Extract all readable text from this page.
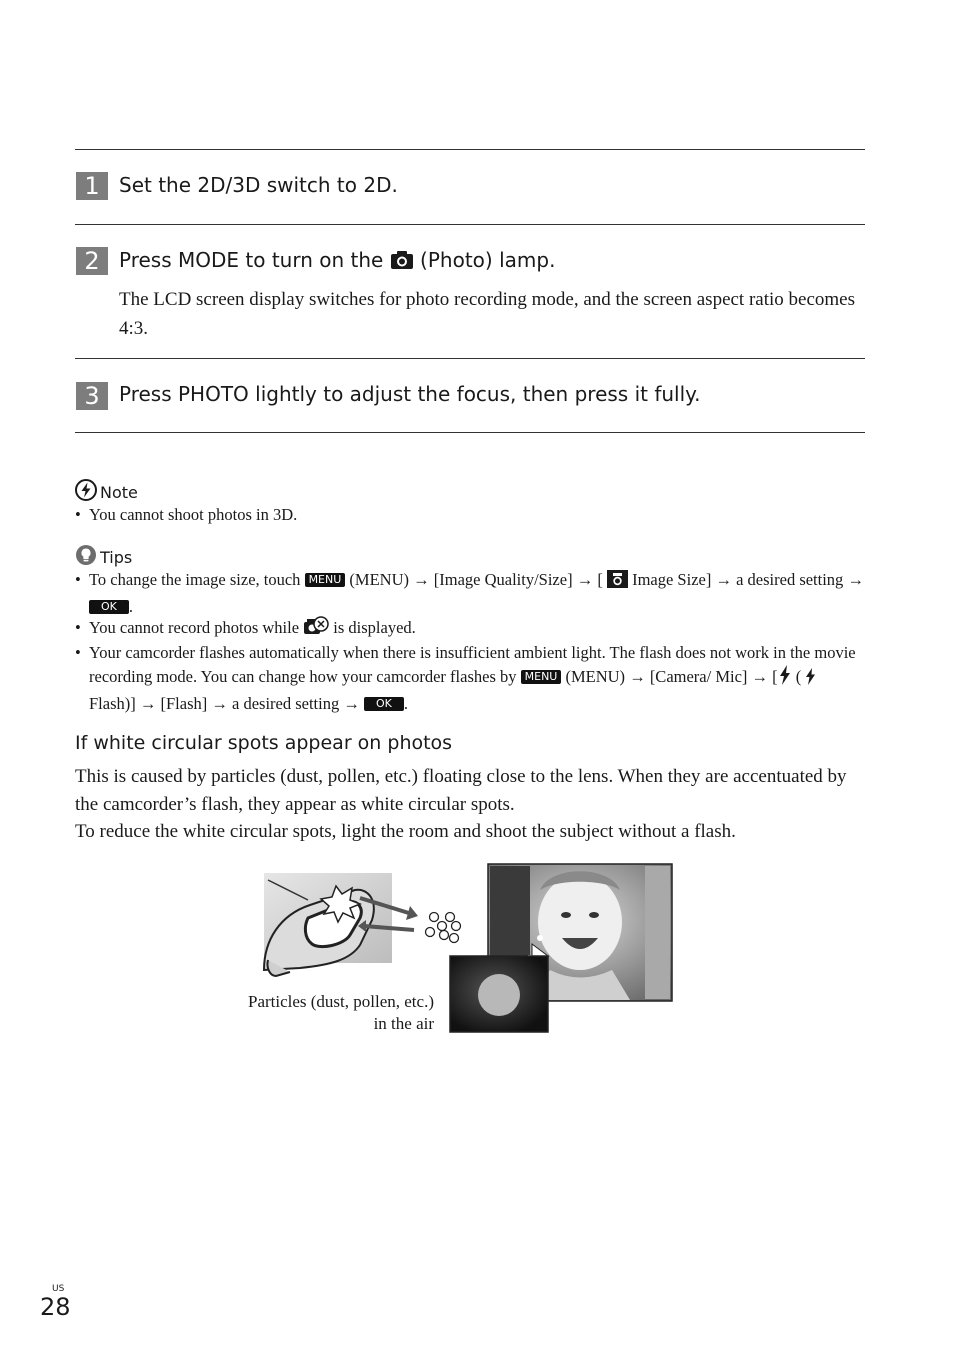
1 Set the 2D/3D switch to 2D.
2 Press MODE to turn on the  (Photo) lamp.
The LCD screen display switches for photo recording mode, and the screen aspect ratio becomes 4:3.
3 Press PHOTO lightly to adjust the focus, then press it fully.
Note
• You cannot shoot photos in 3D.
Tips
• To change the image size, touch MENU (MENU) → [Image Quality/Size] → [  Image Size] → a desired setting → OK .
• You cannot record photos while  is displayed.
• Your camcorder flashes automatically when there is insufficient ambient light. The flash does not work in the movie recording mode. You can change how your camcorder flashes by MENU (MENU) → [Camera/ Mic] → [ (  Flash)] → [Flash] → a desired setting → OK .
If white circular spots appear on photos
This is caused by particles (dust, pollen, etc.) floating close to the lens. When they are accentuated by the camcorder’s flash, they appear as white circular spots.
To reduce the white circular spots, light the room and shoot the subject without a flash.
Particles (dust, pollen, etc.)
in the air
US
28
